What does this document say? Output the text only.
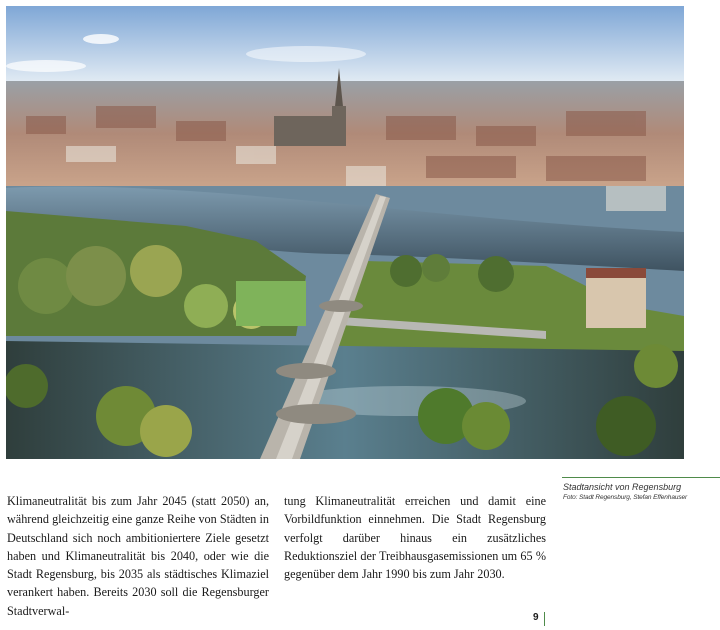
Stadtansicht von Regensburg
Foto: Stadt Regensburg, Stefan Effenhauser

Klimaneutralität bis zum Jahr 2045 (statt 2050) an, während gleichzeitig eine ganze Reihe von Städten in Deutschland sich noch ambitioniertere Ziele gesetzt haben und Klimaneutralität bis 2040, oder wie die Stadt Regensburg, bis 2035 als städtisches Klimaziel verankert haben. Bereits 2030 soll die Regensburger Stadtverwal-

tung Klimaneutralität erreichen und damit eine Vorbildfunktion einnehmen. Die Stadt Regensburg verfolgt darüber hinaus ein zusätzliches Reduktionsziel der Treibhausgasemissionen um 65 % gegenüber dem Jahr 1990 bis zum Jahr 2030.

9
